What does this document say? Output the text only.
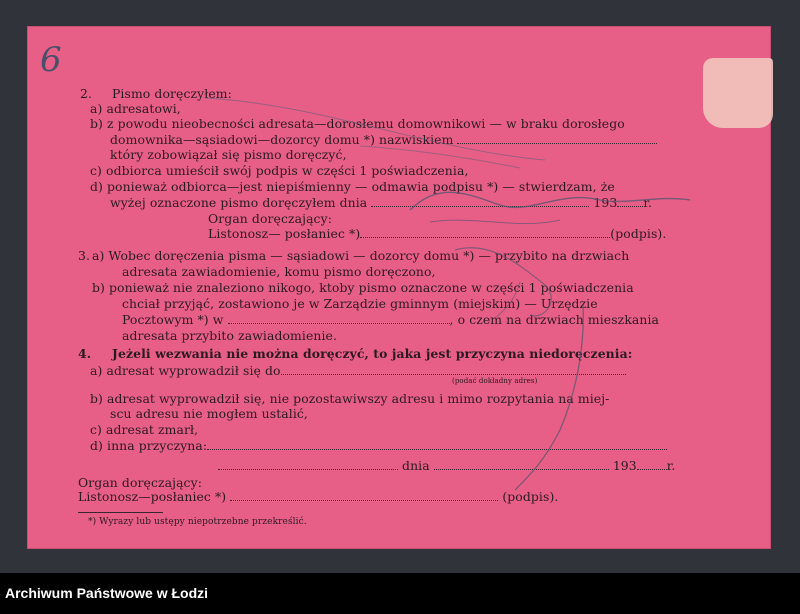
6
2. Pismo doręczyłem:
a) adresatowi,
b) z powodu nieobecności adresata—dorosłemu domownikowi — w braku dorosłego
domownika—sąsiadowi—dozorcy domu *) nazwiskiem
który zobowiązał się pismo doręczyć,
c) odbiorca umieścił swój podpis w części 1 poświadczenia,
d) ponieważ odbiorca—jest niepiśmienny — odmawia podpisu *) — stwierdzam, że
wyżej oznaczone pismo doręczyłem dnia	193 r.
Organ doręczający:
Listonosz— posłaniec *)	(podpis).
3. a) Wobec doręczenia pisma — sąsiadowi — dozorcy domu *) — przybito na drzwiach
adresata zawiadomienie, komu pismo doręczono,
b) ponieważ nie znaleziono nikogo, ktoby pismo oznaczone w części 1 poświadczenia
chciał przyjąć, zostawiono je w Zarządzie gminnym (miejskim) — Urzędzie
Pocztowym *) w	, o czem na drzwiach mieszkania
adresata przybito zawiadomienie.
4. Jeżeli wezwania nie można doręczyć, to jaka jest przyczyna niedoręczenia:
a) adresat wyprowadził się do
(podać dokładny adres)
b) adresat wyprowadził się, nie pozostawiwszy adresu i mimo rozpytania na miej-
scu adresu nie mogłem ustalić,
c) adresat zmarł,
d) inna przyczyna:
dnia	193 r.
Organ doręczający:
Listonosz—posłaniec *)	(podpis).
*) Wyrazy lub ustępy niepotrzebne przekreślić.
Archiwum Państwowe w Łodzi
